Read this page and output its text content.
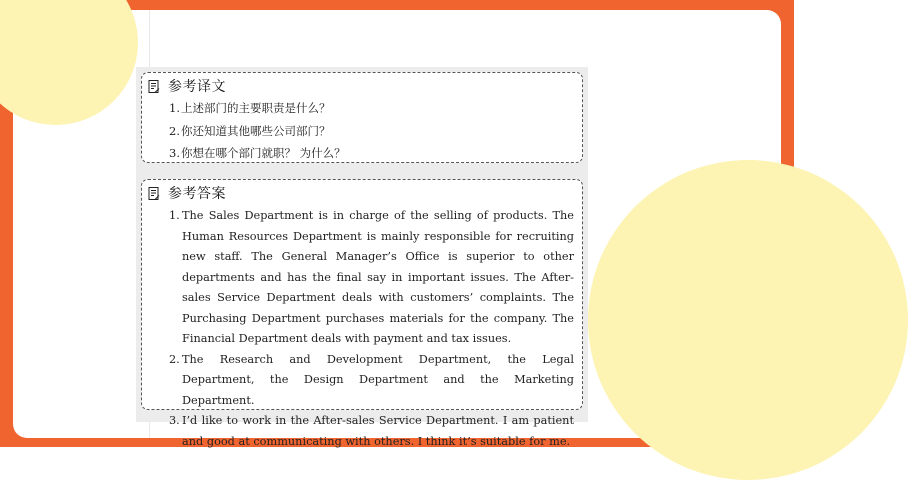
参考译文
1. 上述部门的主要职责是什么？
2. 你还知道其他哪些公司部门？
3. 你想在哪个部门就职？ 为什么？
参考答案
1. The Sales Department is in charge of the selling of products. The Human Resources Department is mainly responsible for recruiting new staff. The General Manager’s Office is superior to other departments and has the final say in important issues. The After-sales Service Department deals with customers’ complaints. The Purchasing Department purchases materials for the company. The Financial Department deals with payment and tax issues.
2. The Research and Development Department, the Legal Department, the Design Department and the Marketing Department.
3. I’d like to work in the After-sales Service Department. I am patient and good at communicating with others. I think it’s suitable for me.
